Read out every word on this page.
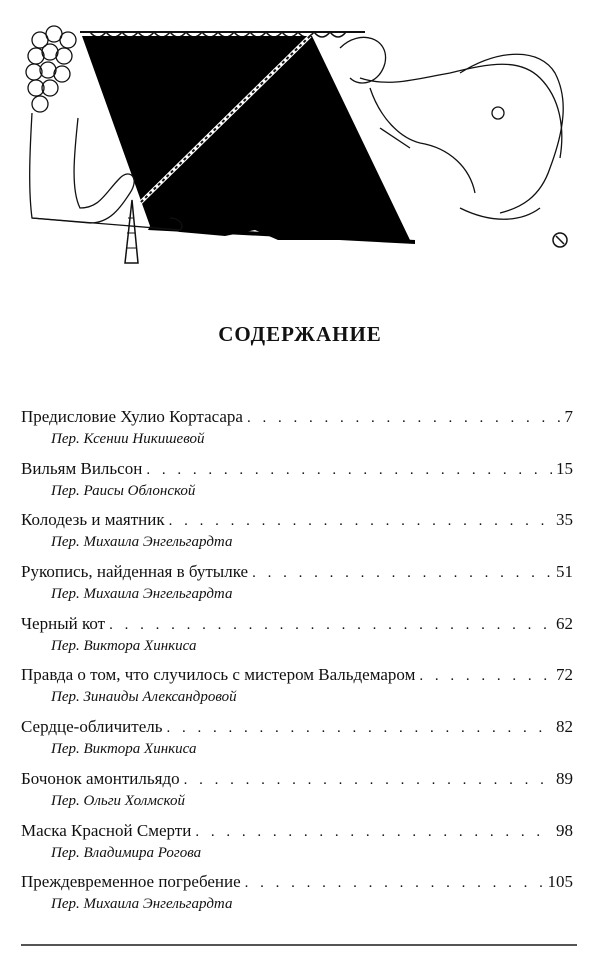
СОДЕРЖАНИЕ
Предисловие Хулио Кортасара . . .	7
Пер. Ксении Никишевой
Вильям Вильсон . . .	15
Пер. Раисы Облонской
Колодезь и маятник . . .	35
Пер. Михаила Энгельгардта
Рукопись, найденная в бутылке . . .	51
Пер. Михаила Энгельгардта
Черный кот . . .	62
Пер. Виктора Хинкиса
Правда о том, что случилось с мистером Вальдемаром . . .	72
Пер. Зинаиды Александровой
Сердце-обличитель . . .	82
Пер. Виктора Хинкиса
Бочонок амонтильядо . . .	89
Пер. Ольги Холмской
Маска Красной Смерти . . .	98
Пер. Владимира Рогова
Преждевременное погребение . . .	105
Пер. Михаила Энгельгардта
